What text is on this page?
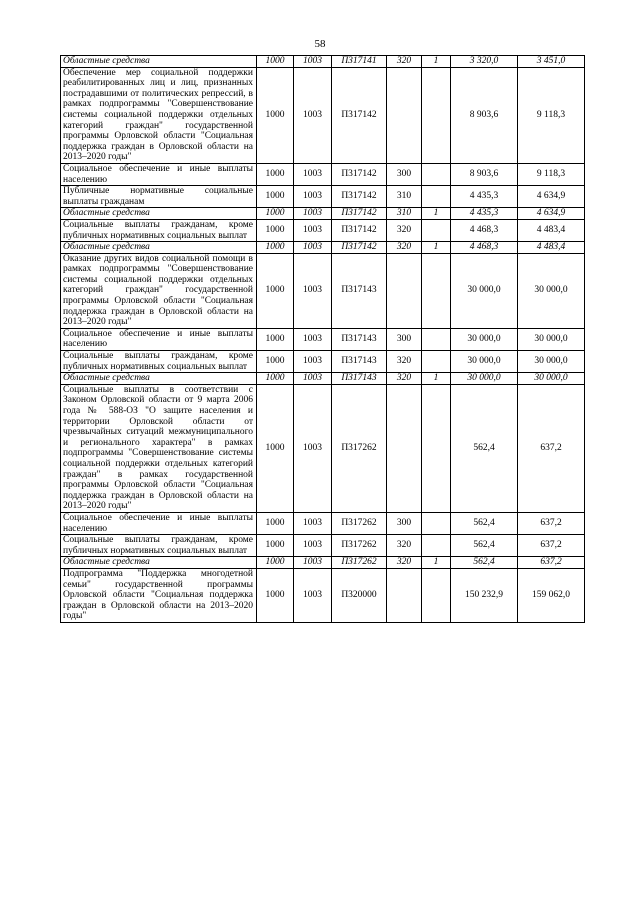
58
Областные средства	1000	1003	П317141	320	1	3 320,0	3 451,0
Обеспечение мер социальной поддержки реабилитированных лиц и лиц, признанных пострадавшими от политических репрессий, в рамках подпрограммы "Совершенствование системы социальной поддержки отдельных категорий граждан" государственной программы Орловской области "Социальная поддержка граждан в Орловской области на 2013–2020 годы"	1000	1003	П317142			8 903,6	9 118,3
Социальное обеспечение и иные выплаты населению	1000	1003	П317142	300		8 903,6	9 118,3
Публичные нормативные социальные выплаты гражданам	1000	1003	П317142	310		4 435,3	4 634,9
Областные средства	1000	1003	П317142	310	1	4 435,3	4 634,9
Социальные выплаты гражданам, кроме публичных нормативных социальных выплат	1000	1003	П317142	320		4 468,3	4 483,4
Областные средства	1000	1003	П317142	320	1	4 468,3	4 483,4
Оказание других видов социальной помощи в рамках подпрограммы "Совершенствование системы социальной поддержки отдельных категорий граждан" государственной программы Орловской области "Социальная поддержка граждан в Орловской области на 2013–2020 годы"	1000	1003	П317143			30 000,0	30 000,0
Социальное обеспечение и иные выплаты населению	1000	1003	П317143	300		30 000,0	30 000,0
Социальные выплаты гражданам, кроме публичных нормативных социальных выплат	1000	1003	П317143	320		30 000,0	30 000,0
Областные средства	1000	1003	П317143	320	1	30 000,0	30 000,0
Социальные выплаты в соответствии с Законом Орловской области от 9 марта 2006 года № 588-ОЗ "О защите населения и территории Орловской области от чрезвычайных ситуаций межмуниципального и регионального характера" в рамках подпрограммы "Совершенствование системы социальной поддержки отдельных категорий граждан" в рамках государственной программы Орловской области "Социальная поддержка граждан в Орловской области на 2013–2020 годы"	1000	1003	П317262			562,4	637,2
Социальное обеспечение и иные выплаты населению	1000	1003	П317262	300		562,4	637,2
Социальные выплаты гражданам, кроме публичных нормативных социальных выплат	1000	1003	П317262	320		562,4	637,2
Областные средства	1000	1003	П317262	320	1	562,4	637,2
Подпрограмма "Поддержка многодетной семьи" государственной программы Орловской области "Социальная поддержка граждан в Орловской области на 2013–2020 годы"	1000	1003	П320000			150 232,9	159 062,0
